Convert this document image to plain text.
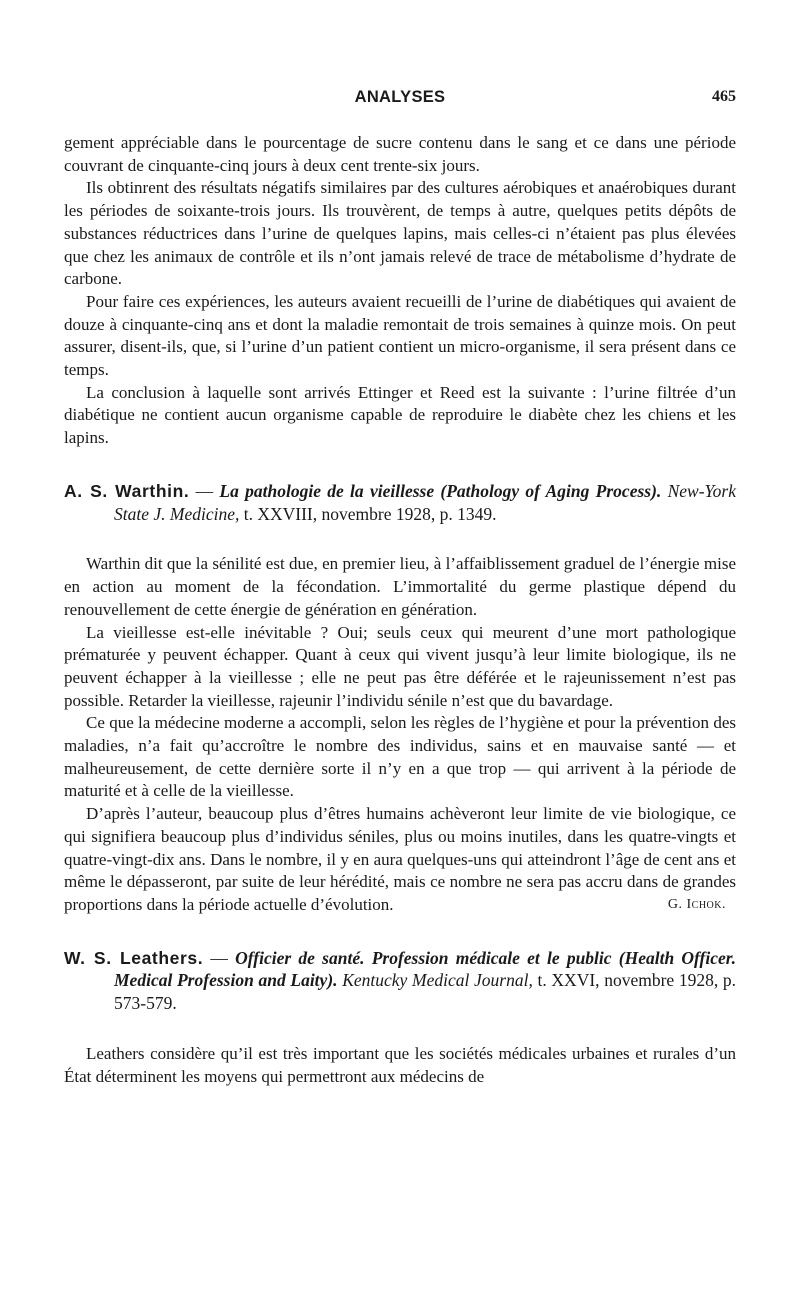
ANALYSES	465

gement appréciable dans le pourcentage de sucre contenu dans le sang et ce dans une période couvrant de cinquante-cinq jours à deux cent trente-six jours.

Ils obtinrent des résultats négatifs similaires par des cultures aérobiques et anaérobiques durant les périodes de soixante-trois jours. Ils trouvèrent, de temps à autre, quelques petits dépôts de substances réductrices dans l’urine de quelques lapins, mais celles-ci n’étaient pas plus élevées que chez les animaux de contrôle et ils n’ont jamais relevé de trace de métabolisme d’hydrate de carbone.

Pour faire ces expériences, les auteurs avaient recueilli de l’urine de diabétiques qui avaient de douze à cinquante-cinq ans et dont la maladie remontait de trois semaines à quinze mois. On peut assurer, disent-ils, que, si l’urine d’un patient contient un micro-organisme, il sera présent dans ce temps.

La conclusion à laquelle sont arrivés Ettinger et Reed est la suivante : l’urine filtrée d’un diabétique ne contient aucun organisme capable de reproduire le diabète chez les chiens et les lapins.

A. S. Warthin. — La pathologie de la vieillesse (Pathology of Aging Process). New-York State J. Medicine, t. XXVIII, novembre 1928, p. 1349.

Warthin dit que la sénilité est due, en premier lieu, à l’affaiblissement graduel de l’énergie mise en action au moment de la fécondation. L’immortalité du germe plastique dépend du renouvellement de cette énergie de génération en génération.

La vieillesse est-elle inévitable ? Oui; seuls ceux qui meurent d’une mort pathologique prématurée y peuvent échapper. Quant à ceux qui vivent jusqu’à leur limite biologique, ils ne peuvent échapper à la vieillesse ; elle ne peut pas être déférée et le rajeunissement n’est pas possible. Retarder la vieillesse, rajeunir l’individu sénile n’est que du bavardage.

Ce que la médecine moderne a accompli, selon les règles de l’hygiène et pour la prévention des maladies, n’a fait qu’accroître le nombre des individus, sains et en mauvaise santé — et malheureusement, de cette dernière sorte il n’y en a que trop — qui arrivent à la période de maturité et à celle de la vieillesse.

D’après l’auteur, beaucoup plus d’êtres humains achèveront leur limite de vie biologique, ce qui signifiera beaucoup plus d’individus séniles, plus ou moins inutiles, dans les quatre-vingts et quatre-vingt-dix ans. Dans le nombre, il y en aura quelques-uns qui atteindront l’âge de cent ans et même le dépasseront, par suite de leur hérédité, mais ce nombre ne sera pas accru dans de grandes proportions dans la période actuelle d’évolution.	G. Ichok.

W. S. Leathers. — Officier de santé. Profession médicale et le public (Health Officer. Medical Profession and Laity). Kentucky Medical Journal, t. XXVI, novembre 1928, p. 573-579.

Leathers considère qu’il est très important que les sociétés médicales urbaines et rurales d’un État déterminent les moyens qui permettront aux médecins de
